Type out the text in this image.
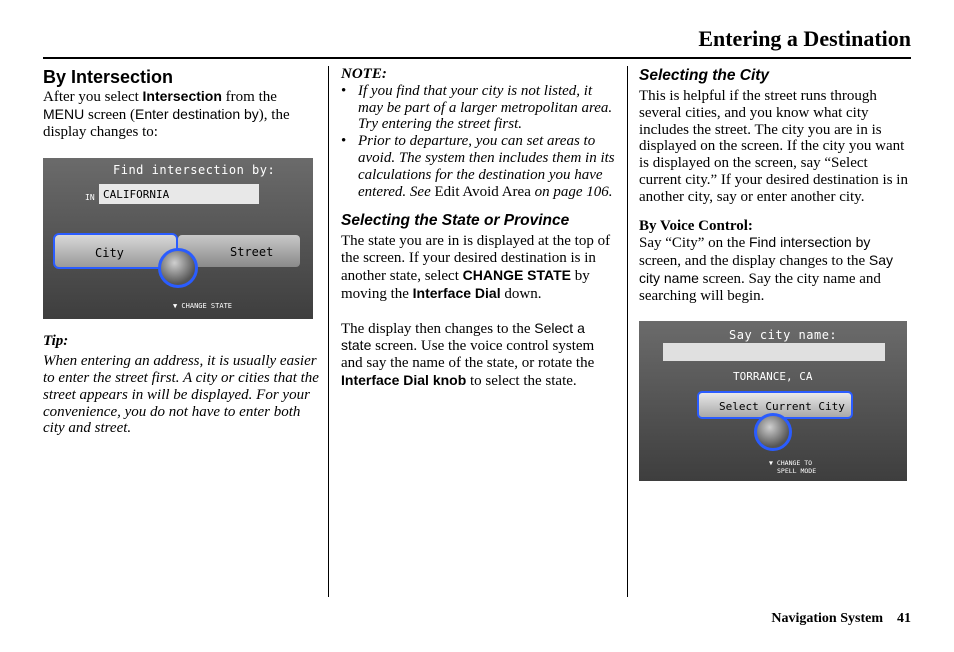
Entering a Destination
By Intersection

After you select Intersection from the MENU screen (Enter destination by), the display changes to:

Find intersection by:
IN CALIFORNIA
Street
City
▼ CHANGE STATE

Tip:

When entering an address, it is usually easier to enter the street first. A city or cities that the street appears in will be displayed. For your convenience, you do not have to enter both city and street.

NOTE:

• If you find that your city is not listed, it may be part of a larger metropolitan area. Try entering the street first.
• Prior to departure, you can set areas to avoid. The system then includes them in its calculations for the destination you have entered. See Edit Avoid Area on page 106.
Selecting the State or Province

The state you are in is displayed at the top of the screen. If your desired destination is in another state, select CHANGE STATE by moving the Interface Dial down.

The display then changes to the Select a state screen. Use the voice control system and say the name of the state, or rotate the Interface Dial knob to select the state.

Selecting the City

This is helpful if the street runs through several cities, and you know what city includes the street. The city you are in is displayed on the screen. If the city you want is displayed on the screen, say “Select current city.” If your desired destination is in another city, say or enter another city.

By Voice Control:

Say “City” on the Find intersection by screen, and the display changes to the Say city name screen. Say the city name and searching will begin.

Say city name:
TORRANCE, CA
Select Current City
▼ CHANGE TO
SPELL MODE
Navigation System 41
